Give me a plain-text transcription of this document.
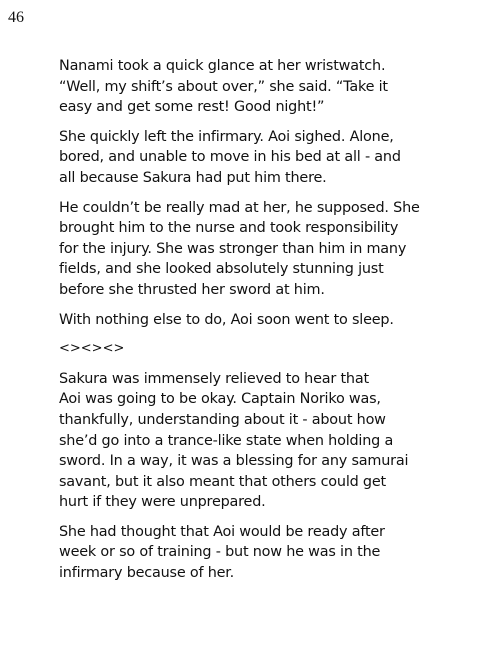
46

Nanami took a quick glance at her wristwatch.
“Well, my shift’s about over,” she said. “Take it
easy and get some rest! Good night!”

She quickly left the infirmary. Aoi sighed. Alone,
bored, and unable to move in his bed at all - and
all because Sakura had put him there.

He couldn’t be really mad at her, he supposed. She
brought him to the nurse and took responsibility
for the injury. She was stronger than him in many
fields, and she looked absolutely stunning just
before she thrusted her sword at him.

With nothing else to do, Aoi soon went to sleep.

<><><>

Sakura was immensely relieved to hear that
Aoi was going to be okay. Captain Noriko was,
thankfully, understanding about it - about how
she’d go into a trance-like state when holding a
sword. In a way, it was a blessing for any samurai
savant, but it also meant that others could get
hurt if they were unprepared.

She had thought that Aoi would be ready after
week or so of training - but now he was in the
infirmary because of her.
